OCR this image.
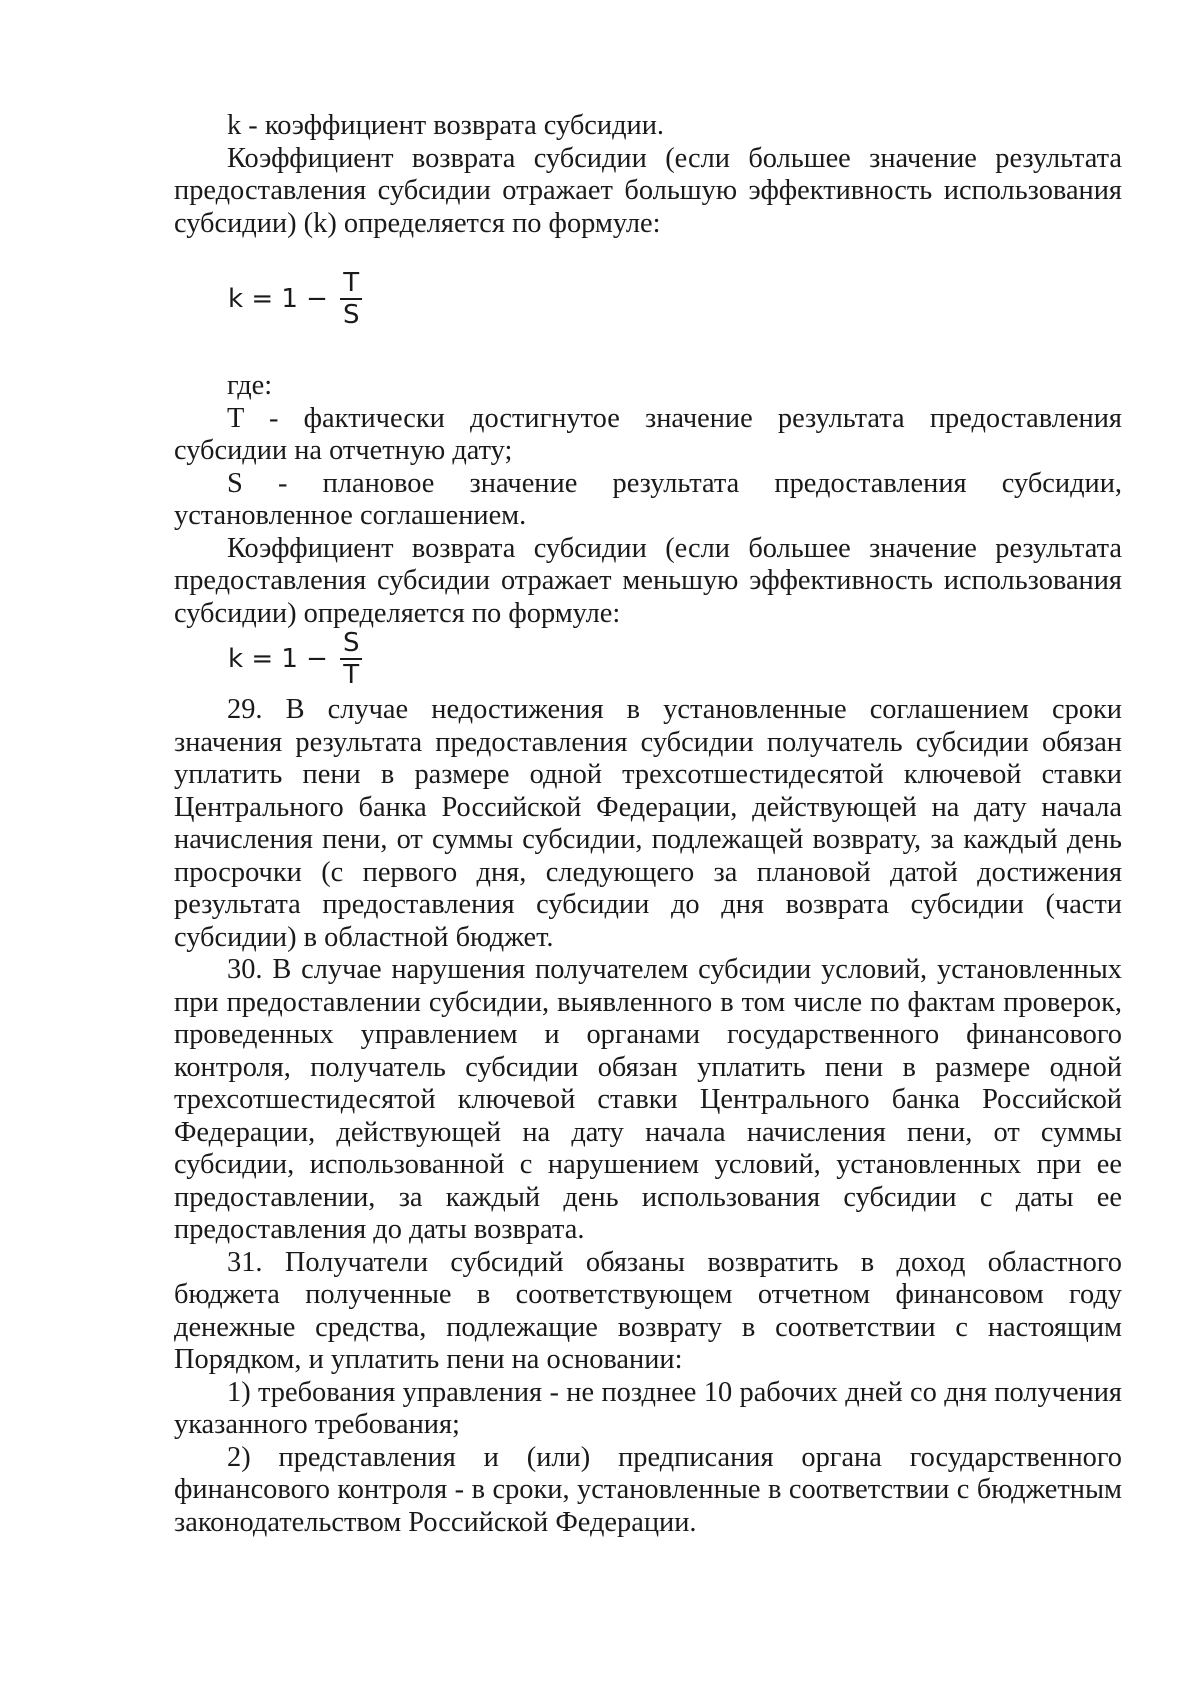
k - коэффициент возврата субсидии.

Коэффициент возврата субсидии (если большее значение результата предоставления субсидии отражает большую эффективность использования субсидии) (k) определяется по формуле:

$k = 1 - \frac{T}{S}$

где:

T - фактически достигнутое значение результата предоставления субсидии на отчетную дату;

S - плановое значение результата предоставления субсидии, установленное соглашением.

Коэффициент возврата субсидии (если большее значение результата предоставления субсидии отражает меньшую эффективность использования субсидии) определяется по формуле:

$k = 1 - \frac{S}{T}$

29. В случае недостижения в установленные соглашением сроки значения результата предоставления субсидии получатель субсидии обязан уплатить пени в размере одной трехсотшестидесятой ключевой ставки Центрального банка Российской Федерации, действующей на дату начала начисления пени, от суммы субсидии, подлежащей возврату, за каждый день просрочки (с первого дня, следующего за плановой датой достижения результата предоставления субсидии до дня возврата субсидии (части субсидии) в областной бюджет.

30. В случае нарушения получателем субсидии условий, установленных при предоставлении субсидии, выявленного в том числе по фактам проверок, проведенных управлением и органами государственного финансового контроля, получатель субсидии обязан уплатить пени в размере одной трехсотшестидесятой ключевой ставки Центрального банка Российской Федерации, действующей на дату начала начисления пени, от суммы субсидии, использованной с нарушением условий, установленных при ее предоставлении, за каждый день использования субсидии с даты ее предоставления до даты возврата.

31. Получатели субсидий обязаны возвратить в доход областного бюджета полученные в соответствующем отчетном финансовом году денежные средства, подлежащие возврату в соответствии с настоящим Порядком, и уплатить пени на основании:

1) требования управления - не позднее 10 рабочих дней со дня получения указанного требования;

2) представления и (или) предписания органа государственного финансового контроля - в сроки, установленные в соответствии с бюджетным законодательством Российской Федерации.
